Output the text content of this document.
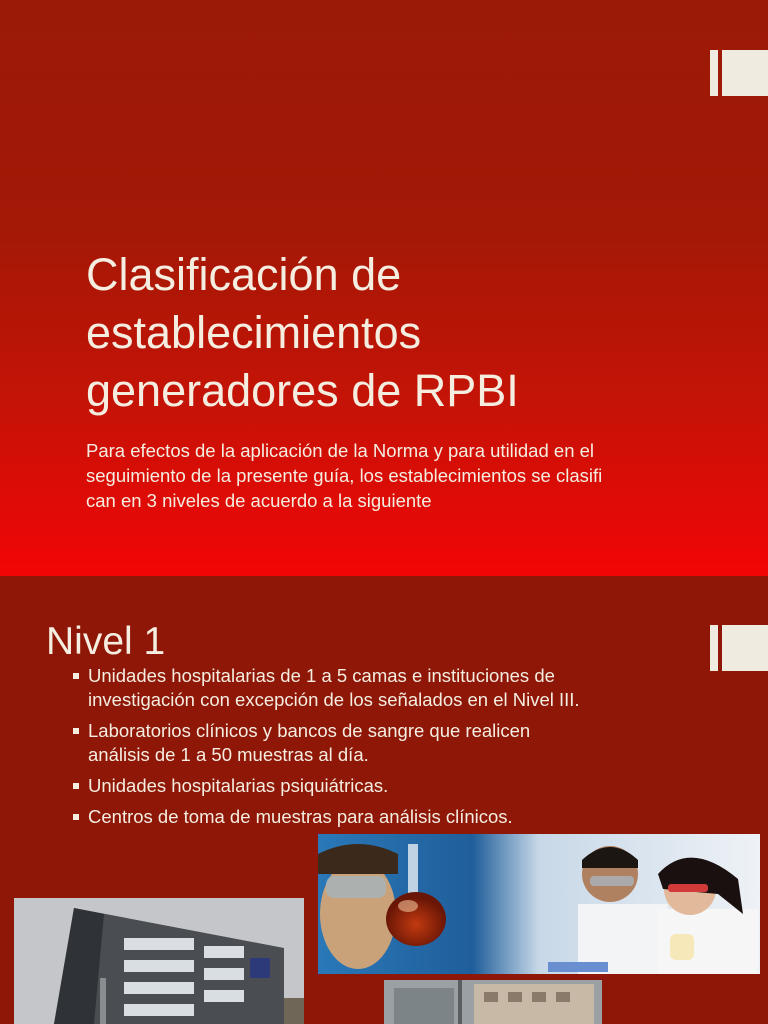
Clasificación de
establecimientos
generadores de RPBI

Para efectos de la aplicación de la Norma y para utilidad en el
seguimiento de la presente guía, los establecimientos se clasifi
can en 3 niveles de acuerdo a la siguiente

Nivel 1
Unidades hospitalarias de 1 a 5 camas e instituciones de
investigación con excepción de los señalados en el Nivel III.
Laboratorios clínicos y bancos de sangre que realicen
análisis de 1 a 50 muestras al día.
Unidades hospitalarias psiquiátricas.
Centros de toma de muestras para análisis clínicos.
